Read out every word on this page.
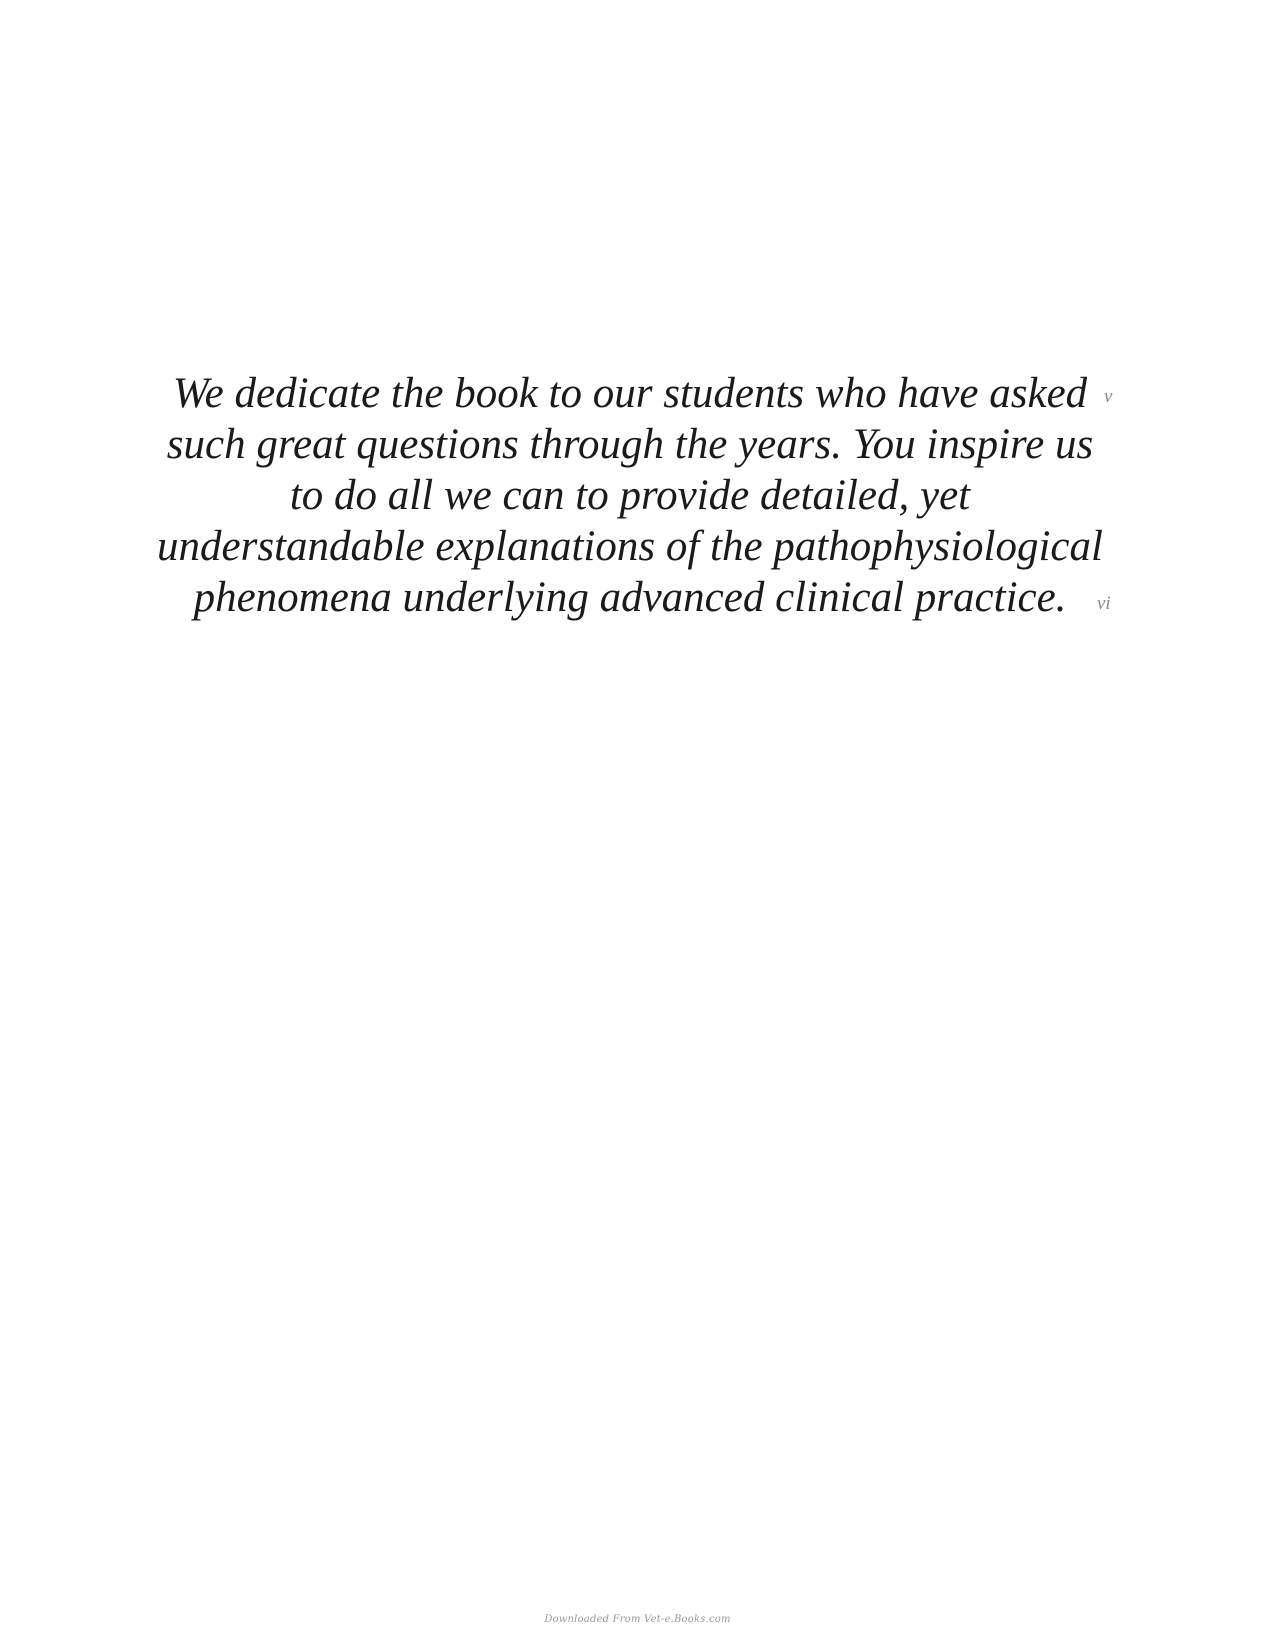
We dedicate the book to our students who have asked
such great questions through the years. You inspire us
to do all we can to provide detailed, yet
understandable explanations of the pathophysiological
phenomena underlying advanced clinical practice.

v
vi
Downloaded From Vet-e.Books.com
